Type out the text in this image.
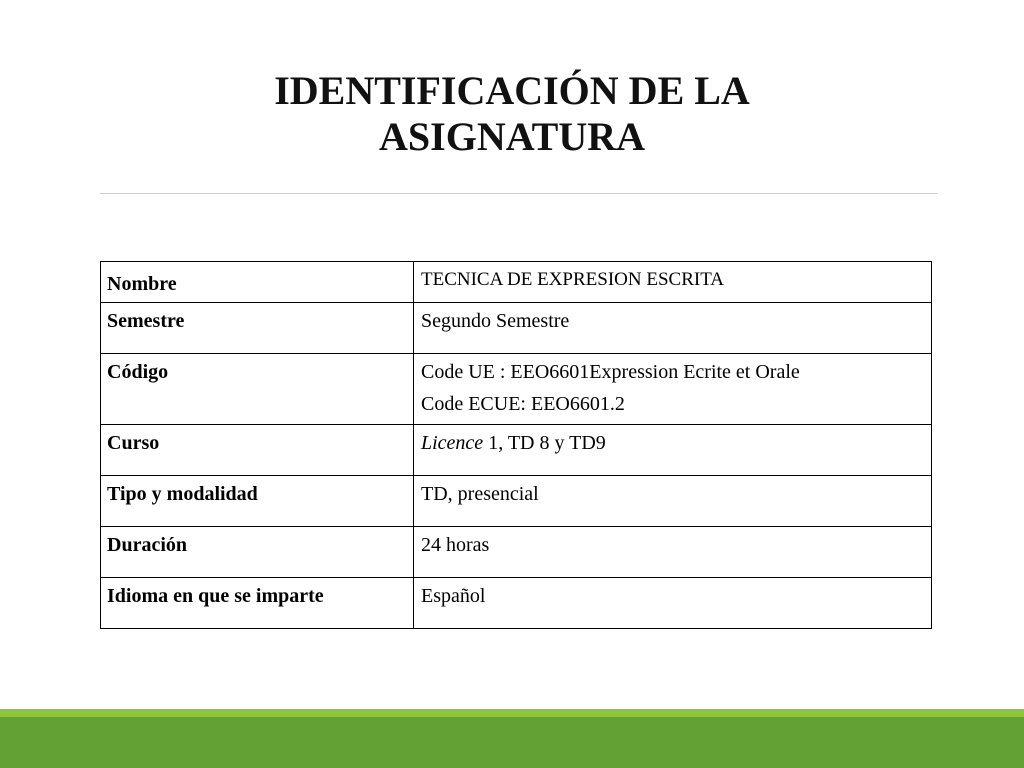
IDENTIFICACIÓN DE LA
ASIGNATURA
Nombre	TECNICA DE EXPRESION ESCRITA
Semestre	Segundo Semestre
Código	Code UE : EEO6601Expression Ecrite et Orale
Code ECUE: EEO6601.2

Curso	Licence 1, TD 8 y TD9
Tipo y modalidad	TD, presencial
Duración	24 horas
Idioma en que se imparte	Español
